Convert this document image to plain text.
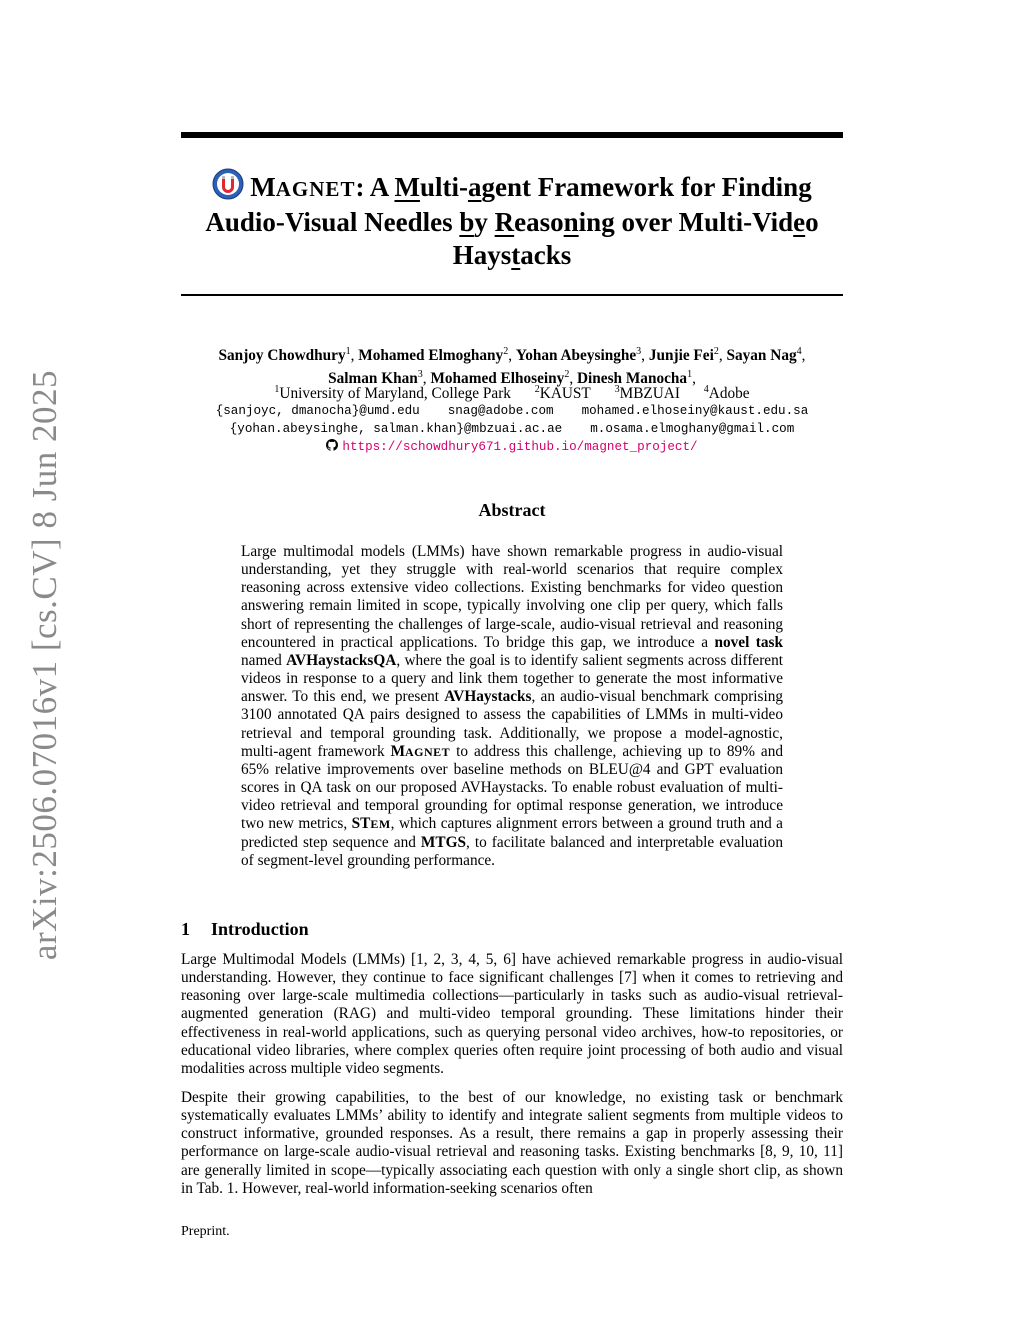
arXiv:2506.07016v1 [cs.CV] 8 Jun 2025
MAGNET: A Multi-agent Framework for Finding
Audio-Visual Needles by Reasoning over Multi-Video
Haystacks
Sanjoy Chowdhury$^1$, Mohamed Elmoghany$^2$, Yohan Abeysinghe$^3$, Junjie Fei$^2$, Sayan Nag$^4$,
Salman Khan$^3$, Mohamed Elhoseiny$^2$, Dinesh Manocha$^1$,
$^1$University of Maryland, College Park $^2$KAUST $^3$MBZUAI $^4$Adobe
{sanjoyc, dmanocha}@umd.edu snag@adobe.com mohamed.elhoseiny@kaust.edu.sa
{yohan.abeysinghe, salman.khan}@mbzuai.ac.ae m.osama.elmoghany@gmail.com
https://schowdhury671.github.io/magnet_project/
Abstract
Large multimodal models (LMMs) have shown remarkable progress in audio-visual understanding, yet they struggle with real-world scenarios that require complex reasoning across extensive video collections. Existing benchmarks for video question answering remain limited in scope, typically involving one clip per query, which falls short of representing the challenges of large-scale, audio-visual retrieval and reasoning encountered in practical applications. To bridge this gap, we introduce a novel task named AVHaystacksQA, where the goal is to identify salient segments across different videos in response to a query and link them together to generate the most informative answer. To this end, we present AVHaystacks, an audio-visual benchmark comprising 3100 annotated QA pairs designed to assess the capabilities of LMMs in multi-video retrieval and temporal grounding task. Additionally, we propose a model-agnostic, multi-agent framework MAGNET to address this challenge, achieving up to 89% and 65% relative improvements over baseline methods on BLEU@4 and GPT evaluation scores in QA task on our proposed AVHaystacks. To enable robust evaluation of multi-video retrieval and temporal grounding for optimal response generation, we introduce two new metrics, STEM, which captures alignment errors between a ground truth and a predicted step sequence and MTGS, to facilitate balanced and interpretable evaluation of segment-level grounding performance.
1 Introduction
Large Multimodal Models (LMMs) [1, 2, 3, 4, 5, 6] have achieved remarkable progress in audio-visual understanding. However, they continue to face significant challenges [7] when it comes to retrieving and reasoning over large-scale multimedia collections—particularly in tasks such as audio-visual retrieval-augmented generation (RAG) and multi-video temporal grounding. These limitations hinder their effectiveness in real-world applications, such as querying personal video archives, how-to repositories, or educational video libraries, where complex queries often require joint processing of both audio and visual modalities across multiple video segments.
Despite their growing capabilities, to the best of our knowledge, no existing task or benchmark systematically evaluates LMMs’ ability to identify and integrate salient segments from multiple videos to construct informative, grounded responses. As a result, there remains a gap in properly assessing their performance on large-scale audio-visual retrieval and reasoning tasks. Existing benchmarks [8, 9, 10, 11] are generally limited in scope—typically associating each question with only a single short clip, as shown in Tab. 1. However, real-world information-seeking scenarios often
Preprint.
